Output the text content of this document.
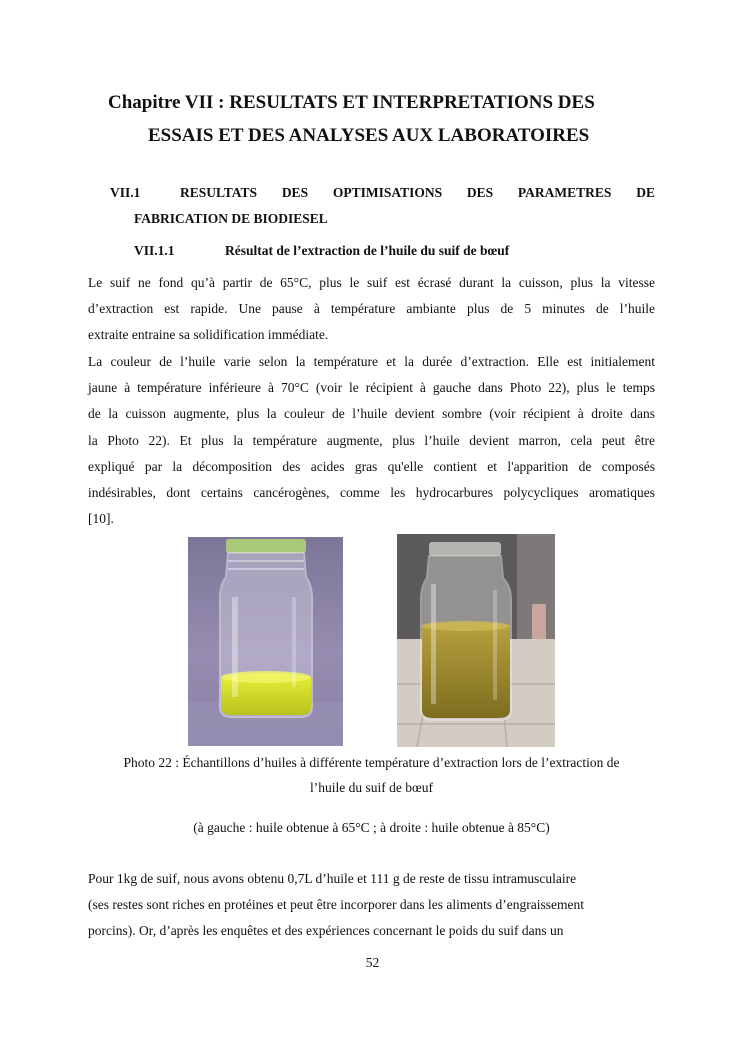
Chapitre VII : RESULTATS ET INTERPRETATIONS DES
ESSAIS ET DES ANALYSES AUX LABORATOIRES
VII.1	RESULTATS DES OPTIMISATIONS DES PARAMETRES DE
FABRICATION DE BIODIESEL
VII.1.1	Résultat de l’extraction de l’huile du suif de bœuf
Le suif ne fond qu’à partir de 65°C, plus le suif est écrasé durant la cuisson, plus la vitesse
d’extraction est rapide. Une pause à température ambiante plus de 5 minutes de l’huile
extraite entraine sa solidification immédiate.
La couleur de l’huile varie selon la température et la durée d’extraction. Elle est initialement
jaune à température inférieure à 70°C (voir le récipient à gauche dans Photo 22), plus le temps
de la cuisson augmente, plus la couleur de l’huile devient sombre (voir récipient à droite dans
la Photo 22). Et plus la température augmente, plus l’huile devient marron, cela peut être
expliqué par la décomposition des acides gras qu'elle contient et l'apparition de composés
indésirables, dont certains cancérogènes, comme les hydrocarbures polycycliques aromatiques
[10].
Photo 22 : Échantillons d’huiles à différente température d’extraction lors de l’extraction de
l’huile du suif de bœuf
(à gauche : huile obtenue à 65°C ; à droite : huile obtenue à 85°C)
Pour 1kg de suif, nous avons obtenu 0,7L d’huile et 111 g de reste de tissu intramusculaire
(ses restes sont riches en protéines et peut être incorporer dans les aliments d’engraissement
porcins). Or, d’après les enquêtes et des expériences concernant le poids du suif dans un
52
